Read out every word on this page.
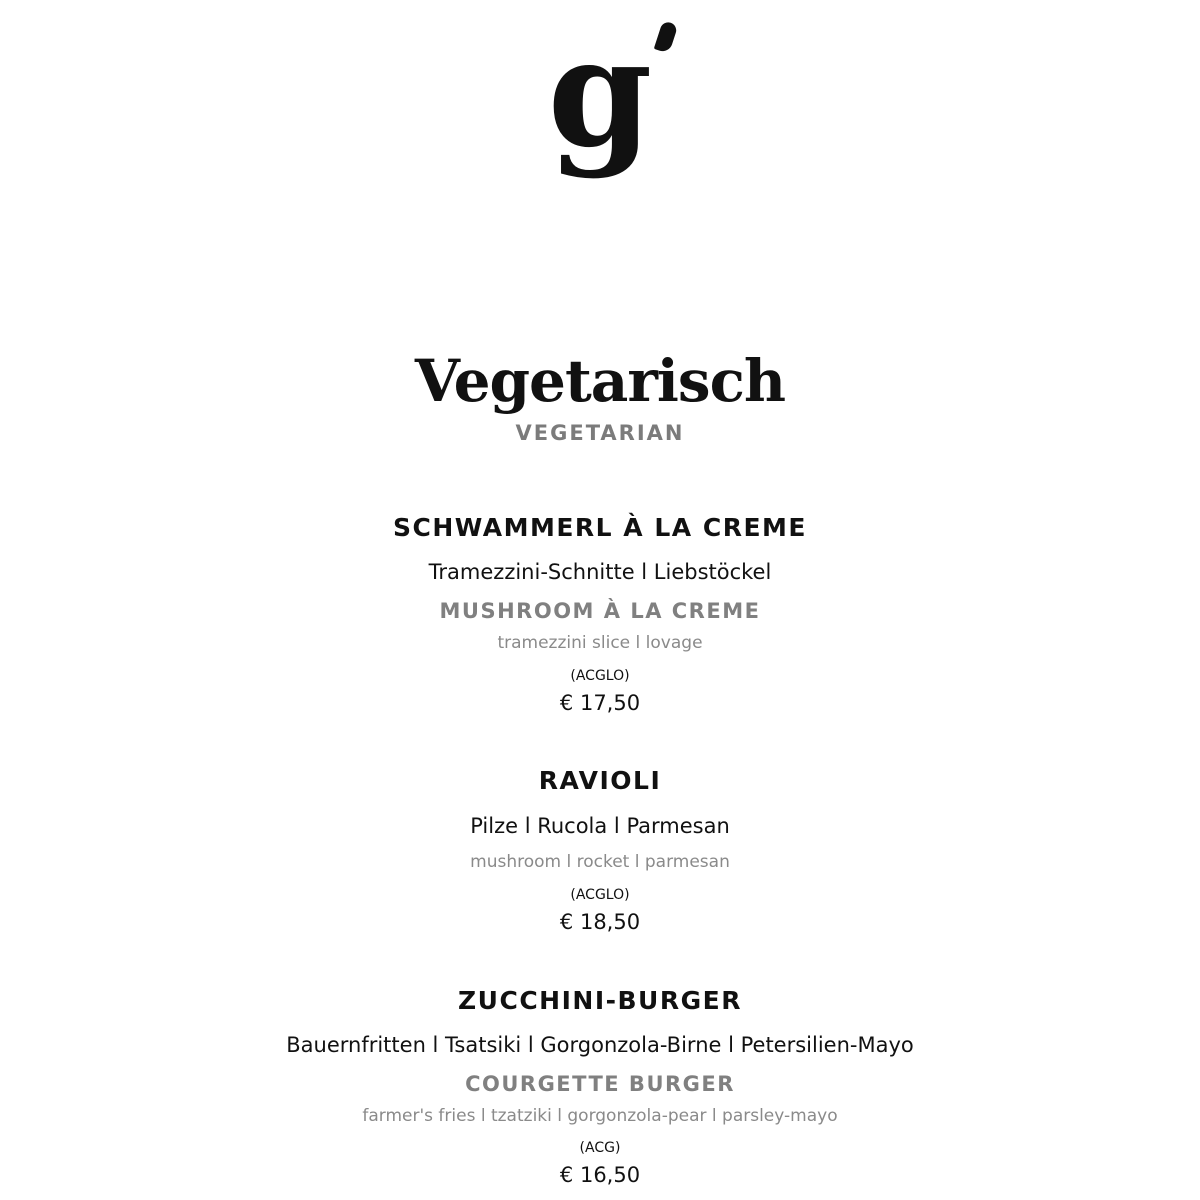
g
Vegetarisch
VEGETARIAN
SCHWAMMERL À LA CREME
Tramezzini-Schnitte l Liebstöckel
MUSHROOM À LA CREME
tramezzini slice l lovage
(ACGLO)
€ 17,50
RAVIOLI
Pilze l Rucola l Parmesan
mushroom l rocket l parmesan
(ACGLO)
€ 18,50
ZUCCHINI-BURGER
Bauernfritten l Tsatsiki l Gorgonzola-Birne l Petersilien-Mayo
COURGETTE BURGER
farmer's fries l tzatziki l gorgonzola-pear l parsley-mayo
(ACG)
€ 16,50
